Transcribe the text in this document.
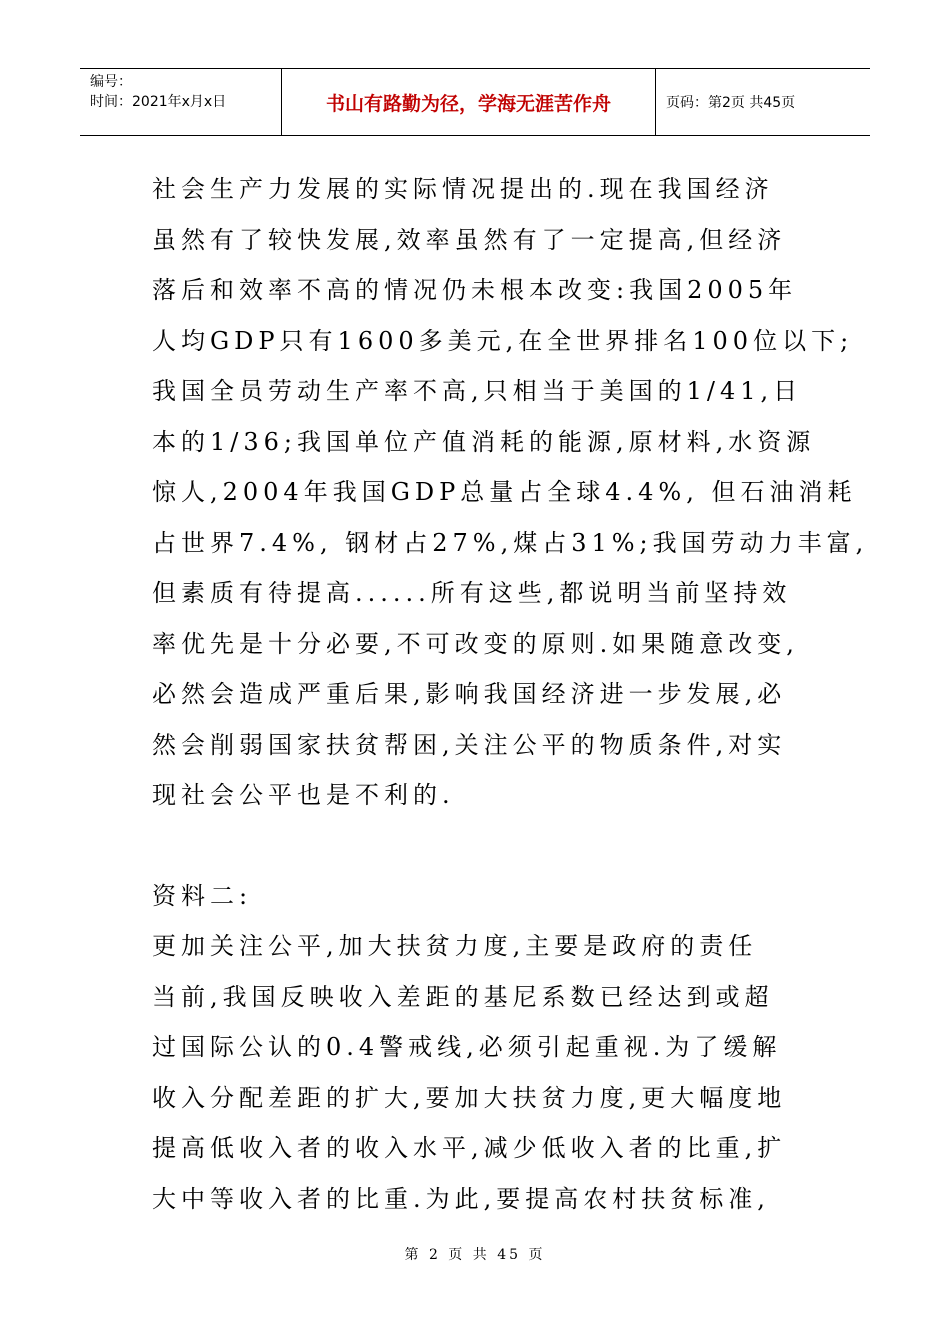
编号：
时间：2021年x月x日	书山有路勤为径，学海无涯苦作舟	页码：第2页 共45页
社会生产力发展的实际情况提出的.现在我国经济
虽然有了较快发展,效率虽然有了一定提高,但经济
落后和效率不高的情况仍未根本改变:我国2005年
人均GDP只有1600多美元,在全世界排名100位以下;
我国全员劳动生产率不高,只相当于美国的1/41,日
本的1/36;我国单位产值消耗的能源,原材料,水资源
惊人,2004年我国GDP总量占全球4.4%, 但石油消耗
占世界7.4%, 钢材占27%,煤占31%;我国劳动力丰富,
但素质有待提高......所有这些,都说明当前坚持效
率优先是十分必要,不可改变的原则.如果随意改变,
必然会造成严重后果,影响我国经济进一步发展,必
然会削弱国家扶贫帮困,关注公平的物质条件,对实
现社会公平也是不利的.
资料二:
更加关注公平,加大扶贫力度,主要是政府的责任
当前,我国反映收入差距的基尼系数已经达到或超
过国际公认的0.4警戒线,必须引起重视.为了缓解
收入分配差距的扩大,要加大扶贫力度,更大幅度地
提高低收入者的收入水平,减少低收入者的比重,扩
大中等收入者的比重.为此,要提高农村扶贫标准,
第 2 页 共 45 页
